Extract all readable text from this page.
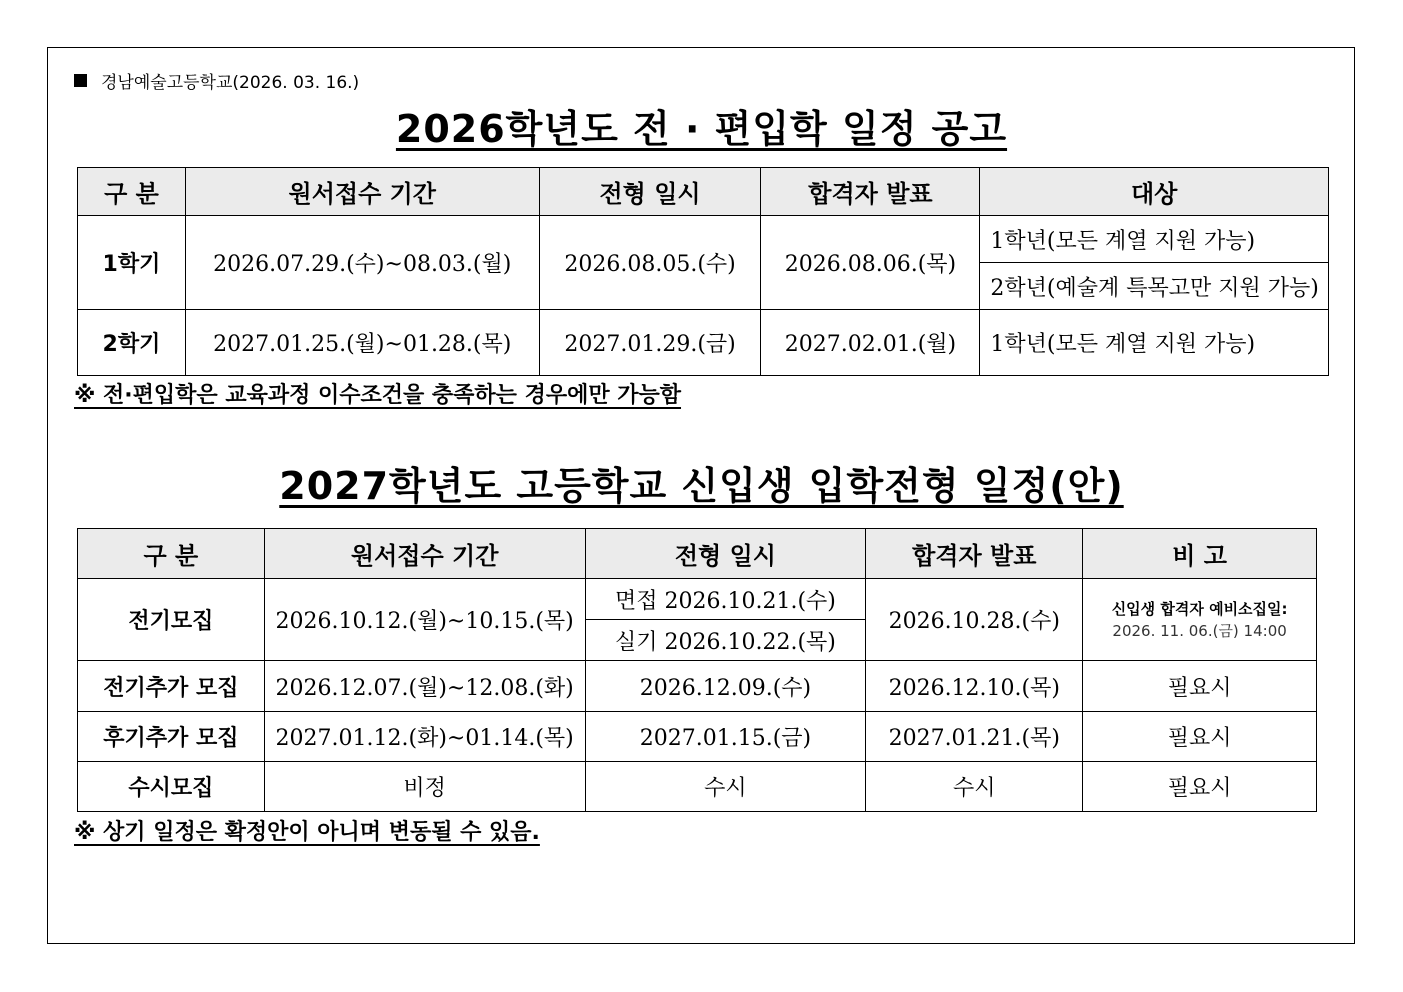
경남예술고등학교(2026. 03. 16.)
2026학년도 전 · 편입학 일정 공고
구 분	원서접수 기간	전형 일시	합격자 발표	대상
1학기	2026.07.29.(수)~08.03.(월)	2026.08.05.(수)	2026.08.06.(목)	1학년(모든 계열 지원 가능)
				2학년(예술계 특목고만 지원 가능)
2학기	2027.01.25.(월)~01.28.(목)	2027.01.29.(금)	2027.02.01.(월)	1학년(모든 계열 지원 가능)
※ 전·편입학은 교육과정 이수조건을 충족하는 경우에만 가능함
2027학년도 고등학교 신입생 입학전형 일정(안)
구 분	원서접수 기간	전형 일시	합격자 발표	비 고
전기모집	2026.10.12.(월)~10.15.(목)	면접 2026.10.21.(수)	2026.10.28.(수)	신입생 합격자 예비소집일:
2026. 11. 06.(금) 14:00

		실기 2026.10.22.(목)		
전기추가 모집	2026.12.07.(월)~12.08.(화)	2026.12.09.(수)	2026.12.10.(목)	필요시
후기추가 모집	2027.01.12.(화)~01.14.(목)	2027.01.15.(금)	2027.01.21.(목)	필요시
수시모집	비정	수시	수시	필요시
※ 상기 일정은 확정안이 아니며 변동될 수 있음.
